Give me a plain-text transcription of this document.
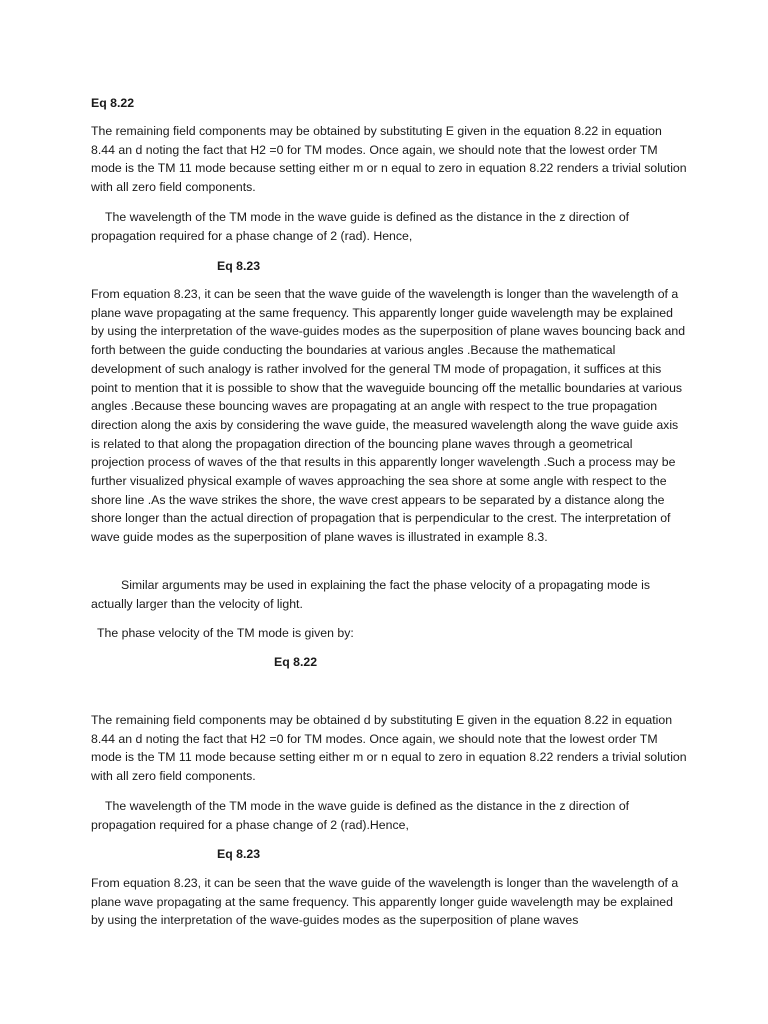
Eq 8.22

The remaining field components may be obtained by substituting E given in the equation 8.22 in equation 8.44 an d noting the fact that H2 =0 for TM modes. Once again, we should note that the lowest order TM mode is the TM 11 mode because setting either m or n equal to zero in equation 8.22 renders a trivial solution with all zero field components.

The wavelength of the TM mode in the wave guide is defined as the distance in the z direction of propagation required for a phase change of 2 (rad). Hence,

Eq 8.23

From equation 8.23, it can be seen that the wave guide of the wavelength is longer than the wavelength of a plane wave propagating at the same frequency. This apparently longer guide wavelength may be explained by using the interpretation of the wave-guides modes as the superposition of plane waves bouncing back and forth between the guide conducting the boundaries at various angles .Because the mathematical development of such analogy is rather involved for the general TM mode of propagation, it suffices at this point to mention that it is possible to show that the waveguide bouncing off the metallic boundaries at various angles .Because these bouncing waves are propagating at an angle with respect to the true propagation direction along the axis by considering the wave guide, the measured wavelength along the wave guide axis is related to that along the propagation direction of the bouncing plane waves through a geometrical projection process of waves of the that results in this apparently longer wavelength .Such a process may be further visualized physical example of waves approaching the sea shore at some angle with respect to the shore line .As the wave strikes the shore, the wave crest appears to be separated by a distance along the shore longer than the actual direction of propagation that is perpendicular to the crest. The interpretation of wave guide modes as the superposition of plane waves is illustrated in example 8.3.

Similar arguments may be used in explaining the fact the phase velocity of a propagating mode is actually larger than the velocity of light.

The phase velocity of the TM mode is given by:

Eq 8.22

The remaining field components may be obtained d by substituting E given in the equation 8.22 in equation 8.44 an d noting the fact that H2 =0 for TM modes. Once again, we should note that the lowest order TM mode is the TM 11 mode because setting either m or n equal to zero in equation 8.22 renders a trivial solution with all zero field components.

The wavelength of the TM mode in the wave guide is defined as the distance in the z direction of propagation required for a phase change of 2 (rad).Hence,

Eq 8.23

From equation 8.23, it can be seen that the wave guide of the wavelength is longer than the wavelength of a plane wave propagating at the same frequency. This apparently longer guide wavelength may be explained by using the interpretation of the wave-guides modes as the superposition of plane waves
